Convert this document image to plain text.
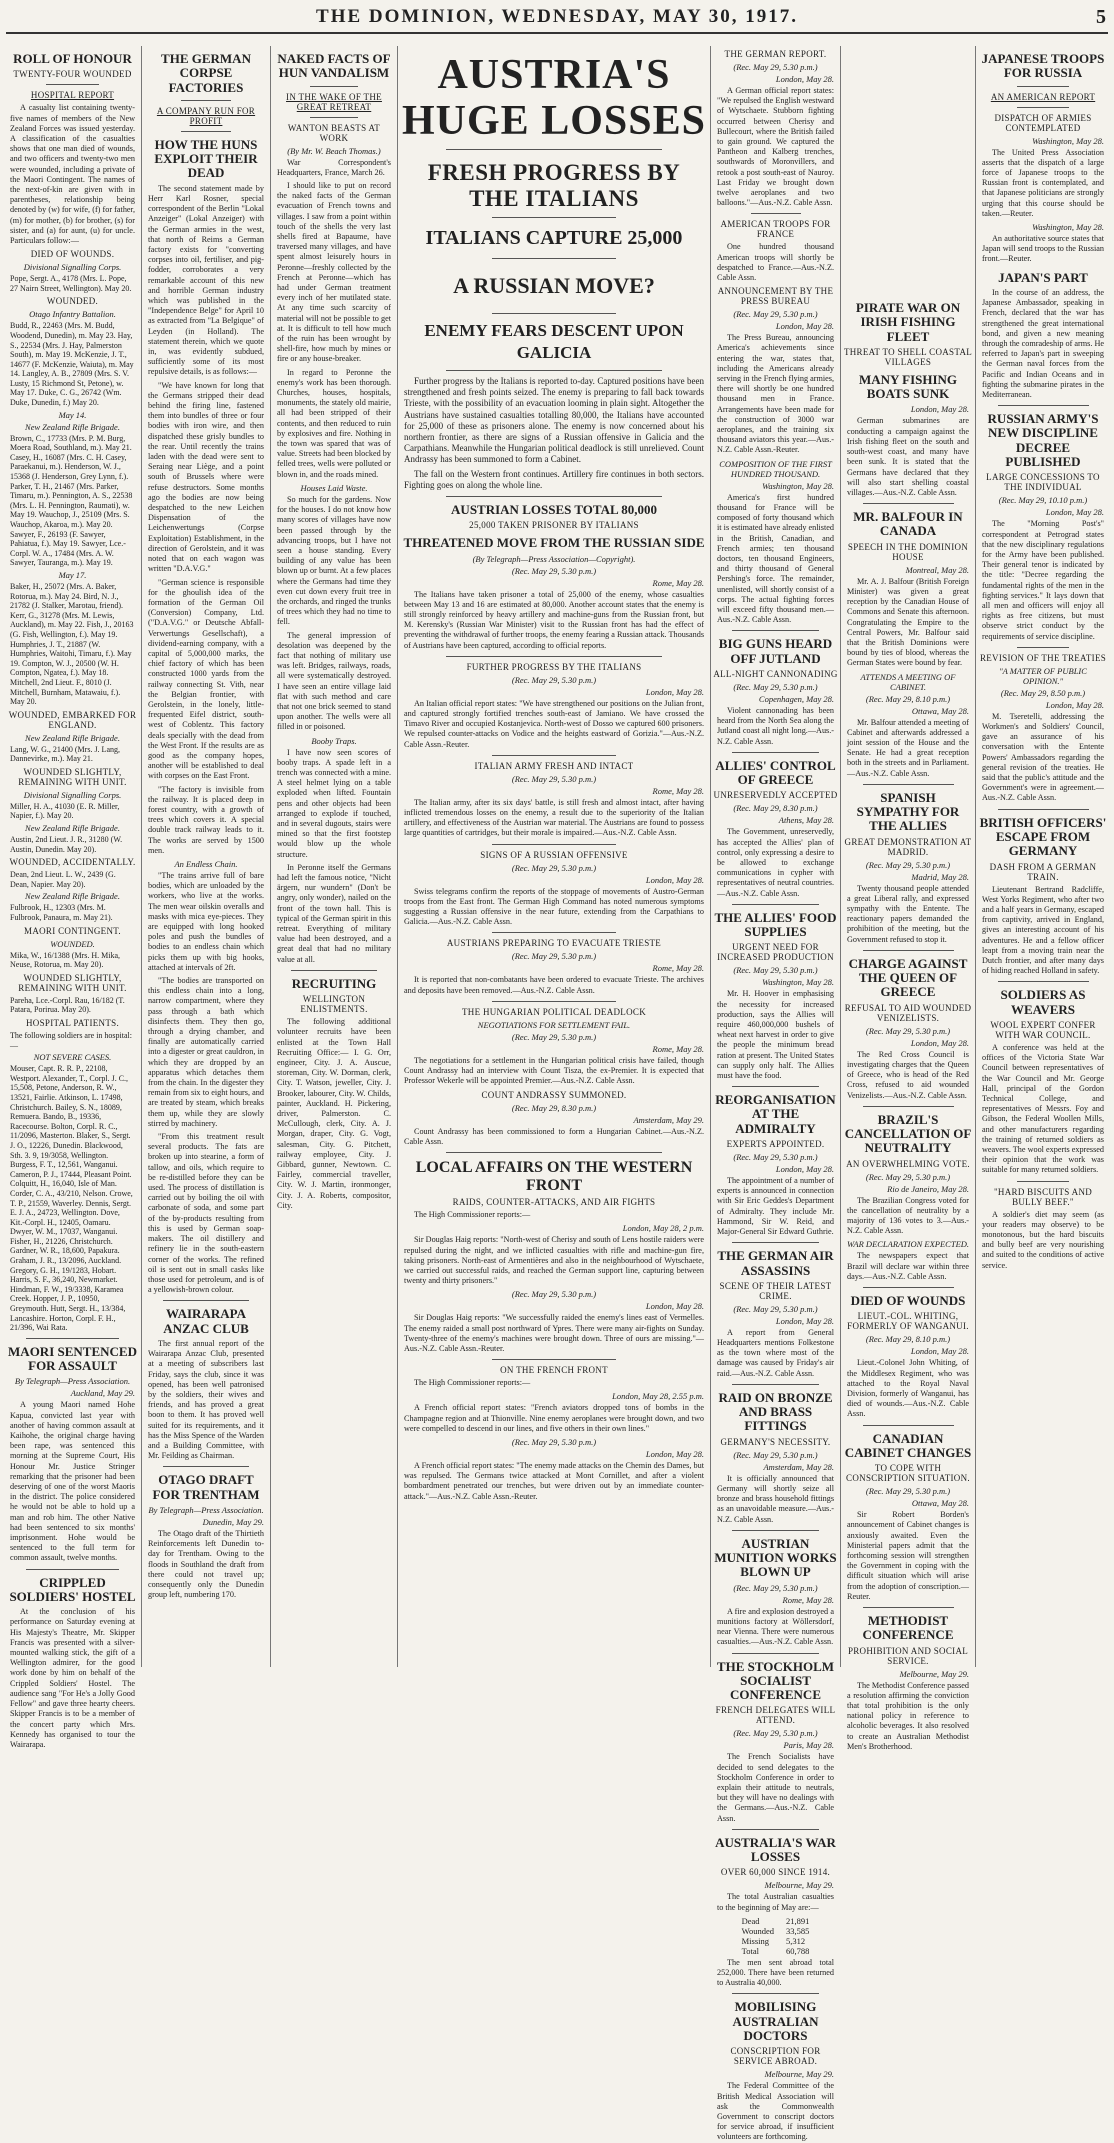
THE DOMINION, WEDNESDAY, MAY 30, 1917.	5
ROLL OF HONOUR
TWENTY-FOUR WOUNDED
HOSPITAL REPORT

A casualty list containing twenty-five names of members of the New Zealand Forces was issued yesterday. A classification of the casualties shows that one man died of wounds, and two officers and twenty-two men were wounded, including a private of the Maori Contingent. The names of the next-of-kin are given with in parentheses, relationship being denoted by (w) for wife, (f) for father, (m) for mother, (b) for brother, (s) for sister, and (a) for aunt, (u) for uncle. Particulars follow:—

DIED OF WOUNDS.
Divisional Signalling Corps.

Pope, Sergt. A., 4178 (Mrs. L. Pope, 27 Nairn Street, Wellington). May 20.

WOUNDED.
Otago Infantry Battalion.

Budd, R., 22463 (Mrs. M. Budd, Woodend, Dunedin), m. May 23. Hay, S., 22534 (Mrs. J. Hay, Palmerston South), m. May 19. McKenzie, J. T., 14677 (F. McKenzie, Waiuta), m. May 14. Langley, A. B., 27809 (Mrs. S. V. Lusty, 15 Richmond St, Petone), w. May 17. Duke, C. G., 26742 (Wm. Duke, Dunedin, f.) May 20.

May 14.
New Zealand Rifle Brigade.

Brown, C., 17733 (Mrs. P. M. Burg, Moera Road, Southland, m.). May 21. Casey, H., 16087 (Mrs. C. H. Casey, Paraekanui, m.). Henderson, W. J., 15368 (J. Henderson, Grey Lynn, f.). Parker, T. H., 21467 (Mrs. Parker, Timaru, m.). Pennington, A. S., 22538 (Mrs. L. H. Pennington, Raumati), w. May 19. Wauchop, J., 25109 (Mrs. S. Wauchop, Akaroa, m.). May 20. Sawyer, F., 26193 (F. Sawyer, Pahiatua, f.). May 19. Sawyer, Lce.-Corpl. W. A., 17484 (Mrs. A. W. Sawyer, Tauranga, m.). May 19.

May 17.

Baker, H., 25072 (Mrs. A. Baker, Rotorua, m.). May 24. Bird, N. J., 21782 (J. Stalker, Marotau, friend). Kerr, G., 31278 (Mrs. M. Lewis, Auckland), m. May 22. Fish, J., 20163 (G. Fish, Wellington, f.). May 19. Humphries, J. T., 21887 (W. Humphries, Waitohi, Timaru, f.). May 19. Compton, W. J., 20500 (W. H. Compton, Ngatea, f.). May 18. Mitchell, 2nd Lieut. F., 8010 (J. Mitchell, Burnham, Matawaiu, f.). May 20.

WOUNDED, EMBARKED FOR ENGLAND.
New Zealand Rifle Brigade.

Lang, W. G., 21400 (Mrs. J. Lang, Dannevirke, m.). May 21.

WOUNDED SLIGHTLY, REMAINING WITH UNIT.
Divisional Signalling Corps.

Miller, H. A., 41030 (E. R. Miller, Napier, f.). May 20.

New Zealand Rifle Brigade.

Austin, 2nd Lieut. J. R., 31280 (W. Austin, Dunedin. May 20).

WOUNDED, ACCIDENTALLY.

Dean, 2nd Lieut. L. W., 2439 (G. Dean, Napier. May 20).

New Zealand Rifle Brigade.

Fulbrook, H., 12303 (Mrs. M. Fulbrook, Panaura, m. May 21).

MAORI CONTINGENT.
WOUNDED.

Mika, W., 16/1388 (Mrs. H. Mika, Neuse, Rotorua, m. May 20).

WOUNDED SLIGHTLY, REMAINING WITH UNIT.

Pareha, Lce.-Corpl. Rau, 16/182 (T. Patara, Porirua. May 20).

HOSPITAL PATIENTS.

The following soldiers are in hospital:—

NOT SEVERE CASES.

Mouser, Capt. R. R. P., 22108, Westport. Alexander, T., Corpl. J. C., 15,508, Petone, Anderson, R. W., 13521, Fairlie. Atkinson, L. 17498, Christchurch. Bailey, S. N., 18089, Remuera. Bando, B., 19336, Racecourse. Bolton, Corpl. R. C., 11/2096, Masterton. Blaker, S., Sergt. J. O., 12226, Dunedin. Blackwood, Sth. 3. 9, 19/3058, Wellington. Burgess, F. T., 12,561, Wanganui. Cameron, P. J., 17444, Pleasant Point. Colquitt, H., 16,040, Isle of Man. Corder, C. A., 43/210, Nelson. Crowe, T. P., 21559, Waverley. Dennis, Sergt. E. J. A., 24723, Wellington. Dove, Kit.-Corpl. H., 12405, Oamaru. Dwyer, W. M., 17037, Wanganui. Fisher, H., 21226, Christchurch. Gardner, W. R., 18,600, Papakura. Graham, J. R., 13/2096, Auckland. Gregory, G. H., 19/1283, Hobart. Harris, S. F., 36,240, Newmarket. Hindman, F. W., 19/3338, Karamea Creek. Hopper, J. P., 10950, Greymouth. Hutt, Sergt. H., 13/384, Lancashire. Horton, Corpl. F. H., 21/396, Wai Rata.

MAORI SENTENCED FOR ASSAULT
By Telegraph—Press Association.
Auckland, May 29.

A young Maori named Hohe Kapua, convicted last year with another of having common assault at Kaihohe, the original charge having been rape, was sentenced this morning at the Supreme Court, His Honour Mr. Justice Stringer remarking that the prisoner had been deserving of one of the worst Maoris in the district. The police considered he would not be able to hold up a man and rob him. The other Native had been sentenced to six months' imprisonment. Hohe would be sentenced to the full term for common assault, twelve months.

CRIPPLED SOLDIERS' HOSTEL

At the conclusion of his performance on Saturday evening at His Majesty's Theatre, Mr. Skipper Francis was presented with a silver-mounted walking stick, the gift of a Wellington admirer, for the good work done by him on behalf of the Crippled Soldiers' Hostel. The audience sang "For He's a Jolly Good Fellow" and gave three hearty cheers. Skipper Francis is to be a member of the concert party which Mrs. Kennedy has organised to tour the Wairarapa.

THE GERMAN CORPSE FACTORIES
A COMPANY RUN FOR PROFIT
HOW THE HUNS EXPLOIT THEIR DEAD

The second statement made by Herr Karl Rosner, special correspondent of the Berlin "Lokal Anzeiger" (Lokal Anzeiger) with the German armies in the west, that north of Reims a German factory exists for "converting corpses into oil, fertiliser, and pig-fodder, corroborates a very remarkable account of this new and horrible German industry which was published in the "Independence Belge" for April 10 as extracted from "La Belgique" of Leyden (in Holland). The statement therein, which we quote in, was evidently subdued, sufficiently some of its most repulsive details, is as follows:—

"We have known for long that the Germans stripped their dead behind the firing line, fastened them into bundles of three or four bodies with iron wire, and then dispatched these grisly bundles to the rear. Until recently the trains laden with the dead were sent to Seraing near Liège, and a point south of Brussels where were refuse destructors. Some months ago the bodies are now being despatched to the new Leichen Dispensation of the Leichenwertungs (Corpse Exploitation) Establishment, in the direction of Gerolstein, and it was noted that on each wagon was written "D.A.V.G."

"German science is responsible for the ghoulish idea of the formation of the German Oil (Conversion) Company, Ltd. ("D.A.V.G." or Deutsche Abfall-Verwertungs Gesellschaft), a dividend-earning company, with a capital of 5,000,000 marks, the chief factory of which has been constructed 1000 yards from the railway connecting St. Vith, near the Belgian frontier, with Gerolstein, in the lonely, little-frequented Eifel district, south-west of Coblentz. This factory deals specially with the dead from the West Front. If the results are as good as the company hopes, another will be established to deal with corpses on the East Front.

"The factory is invisible from the railway. It is placed deep in forest country, with a growth of trees which covers it. A special double track railway leads to it. The works are served by 1500 men.

An Endless Chain.

"The trains arrive full of bare bodies, which are unloaded by the workers, who live at the works. The men wear oilskin overalls and masks with mica eye-pieces. They are equipped with long hooked poles and push the bundles of bodies to an endless chain which picks them up with big hooks, attached at intervals of 2ft.

"The bodies are transported on this endless chain into a long, narrow compartment, where they pass through a bath which disinfects them. They then go, through a drying chamber, and finally are automatically carried into a digester or great cauldron, in which they are dropped by an apparatus which detaches them from the chain. In the digester they remain from six to eight hours, and are treated by steam, which breaks them up, while they are slowly stirred by machinery.

"From this treatment result several products. The fats are broken up into stearine, a form of tallow, and oils, which require to be re-distilled before they can be used. The process of distillation is carried out by boiling the oil with carbonate of soda, and some part of the by-products resulting from this is used by German soap-makers. The oil distillery and refinery lie in the south-eastern corner of the works. The refined oil is sent out in small casks like those used for petroleum, and is of a yellowish-brown colour.

WAIRARAPA ANZAC CLUB

The first annual report of the Wairarapa Anzac Club, presented at a meeting of subscribers last Friday, says the club, since it was opened, has been well patronised by the soldiers, their wives and friends, and has proved a great boon to them. It has proved well suited for its requirements, and it has the Miss Spence of the Warden and a Building Committee, with Mr. Feilding as Chairman.

OTAGO DRAFT FOR TRENTHAM
By Telegraph—Press Association.
Dunedin, May 29.

The Otago draft of the Thirtieth Reinforcements left Dunedin to-day for Trentham. Owing to the floods in Southland the draft from there could not travel up; consequently only the Dunedin group left, numbering 170.

NAKED FACTS OF HUN VANDALISM
IN THE WAKE OF THE GREAT RETREAT
WANTON BEASTS AT WORK
(By Mr. W. Beach Thomas.)

War Correspondent's Headquarters, France, March 26.

I should like to put on record the naked facts of the German evacuation of French towns and villages. I saw from a point within touch of the shells the very last shells fired at Bapaume, have traversed many villages, and have spent almost leisurely hours in Peronne—freshly collected by the French at Peronne—which has had under German treatment every inch of her mutilated state. At any time such scarcity of material will not be possible to get at. It is difficult to tell how much of the ruin has been wrought by shell-fire, how much by mines or fire or any house-breaker.

In regard to Peronne the enemy's work has been thorough. Churches, houses, hospitals, monuments, the stately old mairie, all had been stripped of their contents, and then reduced to ruin by explosives and fire. Nothing in the town was spared that was of value. Streets had been blocked by felled trees, wells were polluted or blown in, and the roads mined.

Houses Laid Waste.

So much for the gardens. Now for the houses. I do not know how many scores of villages have now been passed through by the advancing troops, but I have not seen a house standing. Every building of any value has been blown up or burnt. At a few places where the Germans had time they even cut down every fruit tree in the orchards, and ringed the trunks of trees which they had no time to fell.

The general impression of desolation was deepened by the fact that nothing of military use was left. Bridges, railways, roads, all were systematically destroyed. I have seen an entire village laid flat with such method and care that not one brick seemed to stand upon another. The wells were all filled in or poisoned.

Booby Traps.

I have now seen scores of booby traps. A spade left in a trench was connected with a mine. A steel helmet lying on a table exploded when lifted. Fountain pens and other objects had been arranged to explode if touched, and in several dugouts, stairs were mined so that the first footstep would blow up the whole structure.

In Peronne itself the Germans had left the famous notice, "Nicht ärgern, nur wundern" (Don't be angry, only wonder), nailed on the front of the town hall. This is typical of the German spirit in this retreat. Everything of military value had been destroyed, and a great deal that had no military value at all.

RECRUITING
WELLINGTON ENLISTMENTS.

The following additional volunteer recruits have been enlisted at the Town Hall Recruiting Office:— I. G. Orr, engineer, City. J. A. Auscue, storeman, City. W. Dorman, clerk, City. T. Watson, jeweller, City. J. Brooker, labourer, City. W. Childs, painter, Auckland. H. Pickering, driver, Palmerston. C. McCullough, clerk, City. A. J. Morgan, draper, City. G. Vogt, salesman, City. G. Pitchett, railway employee, City. J. Gibbard, gunner, Newtown. C. Fairley, commercial traveller, City. W. J. Martin, ironmonger, City. J. A. Roberts, compositor, City.

AUSTRIA'S HUGE LOSSES
FRESH PROGRESS BY THE ITALIANS
ITALIANS CAPTURE 25,000
A RUSSIAN MOVE?
ENEMY FEARS DESCENT UPON GALICIA

Further progress by the Italians is reported to-day. Captured positions have been strengthened and fresh points seized. The enemy is preparing to fall back towards Trieste, with the possibility of an evacuation looming in plain sight. Altogether the Austrians have sustained casualties totalling 80,000, the Italians have accounted for 25,000 of these as prisoners alone. The enemy is now concerned about his northern frontier, as there are signs of a Russian offensive in Galicia and the Carpathians. Meanwhile the Hungarian political deadlock is still unrelieved. Count Andrassy has been summoned to form a Cabinet.

The fall on the Western front continues. Artillery fire continues in both sectors. Fighting goes on along the whole line.

AUSTRIAN LOSSES TOTAL 80,000
25,000 TAKEN PRISONER BY ITALIANS
THREATENED MOVE FROM THE RUSSIAN SIDE
(By Telegraph—Press Association—Copyright).
(Rec. May 29, 5.30 p.m.)
Rome, May 28.

The Italians have taken prisoner a total of 25,000 of the enemy, whose casualties between May 13 and 16 are estimated at 80,000. Another account states that the enemy is still strongly reinforced by heavy artillery and machine-guns from the Russian front, but M. Kerensky's (Russian War Minister) visit to the Russian front has had the effect of preventing the withdrawal of further troops, the enemy fearing a Russian attack. Thousands of Austrians have been captured, according to official reports.

FURTHER PROGRESS BY THE ITALIANS
(Rec. May 29, 5.30 p.m.)
London, May 28.

An Italian official report states: "We have strengthened our positions on the Julian front, and captured strongly fortified trenches south-east of Jamiano. We have crossed the Timavo River and occupied Kostanjevica. North-west of Dosso we captured 600 prisoners. We repulsed counter-attacks on Vodice and the heights eastward of Gorizia."—Aus.-N.Z. Cable Assn.-Reuter.

ITALIAN ARMY FRESH AND INTACT
(Rec. May 29, 5.30 p.m.)
Rome, May 28.

The Italian army, after its six days' battle, is still fresh and almost intact, after having inflicted tremendous losses on the enemy, a result due to the superiority of the Italian artillery, and effectiveness of the Austrian war material. The Austrians are found to possess large quantities of cartridges, but their morale is impaired.—Aus.-N.Z. Cable Assn.

SIGNS OF A RUSSIAN OFFENSIVE
(Rec. May 29, 5.30 p.m.)
London, May 28.

Swiss telegrams confirm the reports of the stoppage of movements of Austro-German troops from the East front. The German High Command has noted numerous symptoms suggesting a Russian offensive in the near future, extending from the Carpathians to Galicia.—Aus.-N.Z. Cable Assn.

AUSTRIANS PREPARING TO EVACUATE TRIESTE
(Rec. May 29, 5.30 p.m.)
Rome, May 28.

It is reported that non-combatants have been ordered to evacuate Trieste. The archives and deposits have been removed.—Aus.-N.Z. Cable Assn.

THE HUNGARIAN POLITICAL DEADLOCK
NEGOTIATIONS FOR SETTLEMENT FAIL.
(Rec. May 29, 5.30 p.m.)
Rome, May 28.

The negotiations for a settlement in the Hungarian political crisis have failed, though Count Andrassy had an interview with Count Tisza, the ex-Premier. It is expected that Professor Wekerle will be appointed Premier.—Aus.-N.Z. Cable Assn.

COUNT ANDRASSY SUMMONED.
(Rec. May 29, 8.30 p.m.)
Amsterdam, May 29.

Count Andrassy has been commissioned to form a Hungarian Cabinet.—Aus.-N.Z. Cable Assn.

LOCAL AFFAIRS ON THE WESTERN FRONT
RAIDS, COUNTER-ATTACKS, AND AIR FIGHTS

The High Commissioner reports:—

London, May 28, 2 p.m.

Sir Douglas Haig reports: "North-west of Cherisy and south of Lens hostile raiders were repulsed during the night, and we inflicted casualties with rifle and machine-gun fire, taking prisoners. North-east of Armentières and also in the neighbourhood of Wytschaete, we carried out successful raids, and reached the German support line, capturing between twenty and thirty prisoners."

(Rec. May 29, 5.30 p.m.)
London, May 28.

Sir Douglas Haig reports: "We successfully raided the enemy's lines east of Vermelles. The enemy raided a small post northward of Ypres. There were many air-fights on Sunday. Twenty-three of the enemy's machines were brought down. Three of ours are missing."—Aus.-N.Z. Cable Assn.-Reuter.

ON THE FRENCH FRONT

The High Commissioner reports:—

London, May 28, 2.55 p.m.

A French official report states: "French aviators dropped tons of bombs in the Champagne region and at Thionville. Nine enemy aeroplanes were brought down, and two were compelled to descend in our lines, and five others in their own lines."

(Rec. May 29, 5.30 p.m.)
London, May 28.

A French official report states: "The enemy made attacks on the Chemin des Dames, but was repulsed. The Germans twice attacked at Mont Cornillet, and after a violent bombardment penetrated our trenches, but were driven out by an immediate counter-attack."—Aus.-N.Z. Cable Assn.-Reuter.

THE GERMAN REPORT.
(Rec. May 29, 5.30 p.m.)
London, May 28.

A German official report states: "We repulsed the English westward of Wytschaete. Stubborn fighting occurred between Cherisy and Bullecourt, where the British failed to gain ground. We captured the Pantheon and Kalberg trenches, southwards of Moronvillers, and retook a post south-east of Nauroy. Last Friday we brought down twelve aeroplanes and two balloons."—Aus.-N.Z. Cable Assn.

AMERICAN TROOPS FOR FRANCE

One hundred thousand American troops will shortly be despatched to France.—Aus.-N.Z. Cable Assn.

ANNOUNCEMENT BY THE PRESS BUREAU
(Rec. May 29, 5.30 p.m.)
London, May 28.

The Press Bureau, announcing America's achievements since entering the war, states that, including the Americans already serving in the French flying armies, there will shortly be one hundred thousand men in France. Arrangements have been made for the construction of 3000 war aeroplanes, and the training six thousand aviators this year.—Aus.-N.Z. Cable Assn.-Reuter.

COMPOSITION OF THE FIRST HUNDRED THOUSAND.
Washington, May 28.

America's first hundred thousand for France will be composed of forty thousand which it is estimated have already enlisted in the British, Canadian, and French armies; ten thousand doctors, ten thousand Engineers, and thirty thousand of General Pershing's force. The remainder, unenlisted, will shortly consist of a corps. The actual fighting forces will exceed fifty thousand men.—Aus.-N.Z. Cable Assn.

BIG GUNS HEARD OFF JUTLAND
ALL-NIGHT CANNONADING
(Rec. May 29, 5.30 p.m.)
Copenhagen, May 28.

Violent cannonading has been heard from the North Sea along the Jutland coast all night long.—Aus.-N.Z. Cable Assn.

ALLIES' CONTROL OF GREECE
UNRESERVEDLY ACCEPTED
(Rec. May 29, 8.30 p.m.)
Athens, May 28.

The Government, unreservedly, has accepted the Allies' plan of control, only expressing a desire to be allowed to exchange communications in cypher with representatives of neutral countries.—Aus.-N.Z. Cable Assn.

THE ALLIES' FOOD SUPPLIES
URGENT NEED FOR INCREASED PRODUCTION
(Rec. May 29, 5.30 p.m.)
Washington, May 28.

Mr. H. Hoover in emphasising the necessity for increased production, says the Allies will require 460,000,000 bushels of wheat next harvest in order to give the people the minimum bread ration at present. The United States can supply only half. The Allies must have the food.

REORGANISATION AT THE ADMIRALTY
EXPERTS APPOINTED.
(Rec. May 29, 5.30 p.m.)
London, May 28.

The appointment of a number of experts is announced in connection with Sir Eric Geddes's Department of Admiralty. They include Mr. Hammond, Sir W. Reid, and Major-General Sir Edward Guthrie.

THE GERMAN AIR ASSASSINS
SCENE OF THEIR LATEST CRIME.
(Rec. May 29, 5.30 p.m.)
London, May 28.

A report from General Headquarters mentions Folkestone as the town where most of the damage was caused by Friday's air raid.—Aus.-N.Z. Cable Assn.

RAID ON BRONZE AND BRASS FITTINGS
GERMANY'S NECESSITY.
(Rec. May 29, 5.30 p.m.)
Amsterdam, May 28.

It is officially announced that Germany will shortly seize all bronze and brass household fittings as an unavoidable measure.—Aus.-N.Z. Cable Assn.

AUSTRIAN MUNITION WORKS BLOWN UP
(Rec. May 29, 5.30 p.m.)
Rome, May 28.

A fire and explosion destroyed a munitions factory at Wöllersdorf, near Vienna. There were numerous casualties.—Aus.-N.Z. Cable Assn.

THE STOCKHOLM SOCIALIST CONFERENCE
FRENCH DELEGATES WILL ATTEND.
(Rec. May 29, 5.30 p.m.)
Paris, May 28.

The French Socialists have decided to send delegates to the Stockholm Conference in order to explain their attitude to neutrals, but they will have no dealings with the Germans.—Aus.-N.Z. Cable Assn.

AUSTRALIA'S WAR LOSSES
OVER 60,000 SINCE 1914.
Melbourne, May 29.

The total Australian casualties to the beginning of May are:—

Dead	21,891
Wounded	33,585
Missing	5,312
Total	60,788

The men sent abroad total 252,000. There have been returned to Australia 40,000.

MOBILISING AUSTRALIAN DOCTORS
CONSCRIPTION FOR SERVICE ABROAD.
Melbourne, May 29.

The Federal Committee of the British Medical Association will ask the Commonwealth Government to conscript doctors for service abroad, if insufficient volunteers are forthcoming.

PIRATE WAR ON IRISH FISHING FLEET
THREAT TO SHELL COASTAL VILLAGES
MANY FISHING BOATS SUNK
London, May 28.

German submarines are conducting a campaign against the Irish fishing fleet on the south and south-west coast, and many have been sunk. It is stated that the Germans have declared that they will also start shelling coastal villages.—Aus.-N.Z. Cable Assn.

MR. BALFOUR IN CANADA
SPEECH IN THE DOMINION HOUSE
Montreal, May 28.

Mr. A. J. Balfour (British Foreign Minister) was given a great reception by the Canadian House of Commons and Senate this afternoon. Congratulating the Empire to the Central Powers, Mr. Balfour said that the British Dominions were bound by ties of blood, whereas the German States were bound by fear.

ATTENDS A MEETING OF CABINET.
(Rec. May 29, 8.10 p.m.)
Ottawa, May 28.

Mr. Balfour attended a meeting of Cabinet and afterwards addressed a joint session of the House and the Senate. He had a great reception both in the streets and in Parliament.—Aus.-N.Z. Cable Assn.

SPANISH SYMPATHY FOR THE ALLIES
GREAT DEMONSTRATION AT MADRID.
(Rec. May 29, 5.30 p.m.)
Madrid, May 28.

Twenty thousand people attended a great Liberal rally, and expressed sympathy with the Entente. The reactionary papers demanded the prohibition of the meeting, but the Government refused to stop it.

CHARGE AGAINST THE QUEEN OF GREECE
REFUSAL TO AID WOUNDED VENIZELISTS.
(Rec. May 29, 5.30 p.m.)
London, May 28.

The Red Cross Council is investigating charges that the Queen of Greece, who is head of the Red Cross, refused to aid wounded Venizelists.—Aus.-N.Z. Cable Assn.

BRAZIL'S CANCELLATION OF NEUTRALITY
AN OVERWHELMING VOTE.
(Rec. May 29, 5.30 p.m.)
Rio de Janeiro, May 28.

The Brazilian Congress voted for the cancellation of neutrality by a majority of 136 votes to 3.—Aus.-N.Z. Cable Assn.

WAR DECLARATION EXPECTED.

The newspapers expect that Brazil will declare war within three days.—Aus.-N.Z. Cable Assn.

DIED OF WOUNDS
LIEUT.-COL. WHITING, FORMERLY OF WANGANUI.
(Rec. May 29, 8.10 p.m.)
London, May 28.

Lieut.-Colonel John Whiting, of the Middlesex Regiment, who was attached to the Royal Naval Division, formerly of Wanganui, has died of wounds.—Aus.-N.Z. Cable Assn.

CANADIAN CABINET CHANGES
TO COPE WITH CONSCRIPTION SITUATION.
(Rec. May 29, 5.30 p.m.)
Ottawa, May 28.

Sir Robert Borden's announcement of Cabinet changes is anxiously awaited. Even the Ministerial papers admit that the forthcoming session will strengthen the Government in coping with the difficult situation which will arise from the adoption of conscription.—Reuter.

METHODIST CONFERENCE
PROHIBITION AND SOCIAL SERVICE.
Melbourne, May 29.

The Methodist Conference passed a resolution affirming the conviction that total prohibition is the only national policy in reference to alcoholic beverages. It also resolved to create an Australian Methodist Men's Brotherhood.

JAPANESE TROOPS FOR RUSSIA
AN AMERICAN REPORT
DISPATCH OF ARMIES CONTEMPLATED
Washington, May 28.

The United Press Association asserts that the dispatch of a large force of Japanese troops to the Russian front is contemplated, and that Japanese politicians are strongly urging that this course should be taken.—Reuter.

Washington, May 28.

An authoritative source states that Japan will send troops to the Russian front.—Reuter.

JAPAN'S PART

In the course of an address, the Japanese Ambassador, speaking in French, declared that the war has strengthened the great international bond, and given a new meaning through the comradeship of arms. He referred to Japan's part in sweeping the German naval forces from the Pacific and Indian Oceans and in fighting the submarine pirates in the Mediterranean.

RUSSIAN ARMY'S NEW DISCIPLINE DECREE PUBLISHED
LARGE CONCESSIONS TO THE INDIVIDUAL
(Rec. May 29, 10.10 p.m.)
London, May 28.

The "Morning Post's" correspondent at Petrograd states that the new disciplinary regulations for the Army have been published. Their general tenor is indicated by the title: "Decree regarding the fundamental rights of the men in the fighting services." It lays down that all men and officers will enjoy all rights as free citizens, but must observe strict conduct by the requirements of service discipline.

REVISION OF THE TREATIES
"A MATTER OF PUBLIC OPINION."
(Rec. May 29, 8.50 p.m.)
London, May 28.

M. Tseretelli, addressing the Workmen's and Soldiers' Council, gave an assurance of his conversation with the Entente Powers' Ambassadors regarding the general revision of the treaties. He said that the public's attitude and the Government's were in agreement.—Aus.-N.Z. Cable Assn.

BRITISH OFFICERS' ESCAPE FROM GERMANY
DASH FROM A GERMAN TRAIN.

Lieutenant Bertrand Radcliffe, West Yorks Regiment, who after two and a half years in Germany, escaped from captivity, arrived in England, gives an interesting account of his adventures. He and a fellow officer leapt from a moving train near the Dutch frontier, and after many days of hiding reached Holland in safety.

SOLDIERS AS WEAVERS
WOOL EXPERT CONFER WITH WAR COUNCIL.

A conference was held at the offices of the Victoria State War Council between representatives of the War Council and Mr. George Hall, principal of the Gordon Technical College, and representatives of Messrs. Foy and Gibson, the Federal Woollen Mills, and other manufacturers regarding the training of returned soldiers as weavers. The wool experts expressed their opinion that the work was suitable for many returned soldiers.

"HARD BISCUITS AND BULLY BEEF."

A soldier's diet may seem (as your readers may observe) to be monotonous, but the hard biscuits and bully beef are very nourishing and suited to the conditions of active service.
